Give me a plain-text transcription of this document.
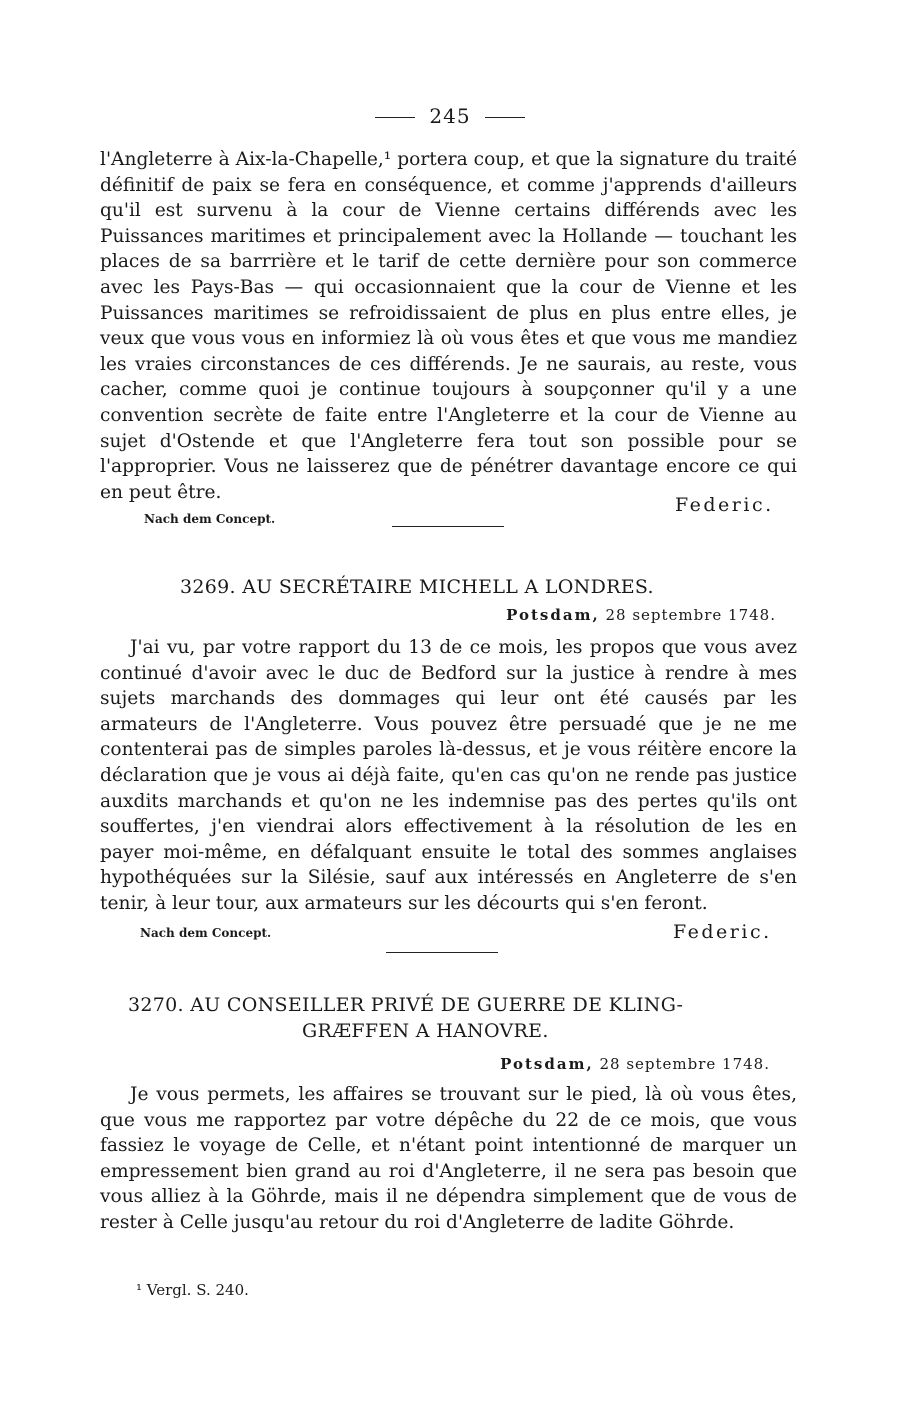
245
l'Angleterre à Aix-la-Chapelle,¹ portera coup, et que la signature du traité définitif de paix se fera en conséquence, et comme j'apprends d'ailleurs qu'il est survenu à la cour de Vienne certains différends avec les Puissances maritimes et principalement avec la Hollande — touchant les places de sa barrrière et le tarif de cette dernière pour son commerce avec les Pays-Bas — qui occasionnaient que la cour de Vienne et les Puissances maritimes se refroidissaient de plus en plus entre elles, je veux que vous vous en informiez là où vous êtes et que vous me mandiez les vraies circonstances de ces différends. Je ne saurais, au reste, vous cacher, comme quoi je continue toujours à soupçonner qu'il y a une convention secrète de faite entre l'Angleterre et la cour de Vienne au sujet d'Ostende et que l'Angleterre fera tout son possible pour se l'approprier. Vous ne laisserez que de pénétrer davantage encore ce qui en peut être.
Nach dem Concept.
Federic.
3269. AU SECRÉTAIRE MICHELL A LONDRES.
Potsdam, 28 septembre 1748.
J'ai vu, par votre rapport du 13 de ce mois, les propos que vous avez continué d'avoir avec le duc de Bedford sur la justice à rendre à mes sujets marchands des dommages qui leur ont été causés par les armateurs de l'Angleterre. Vous pouvez être persuadé que je ne me contenterai pas de simples paroles là-dessus, et je vous réitère encore la déclaration que je vous ai déjà faite, qu'en cas qu'on ne rende pas justice auxdits marchands et qu'on ne les indemnise pas des pertes qu'ils ont souffertes, j'en viendrai alors effectivement à la résolution de les en payer moi-même, en défalquant ensuite le total des sommes anglaises hypothéquées sur la Silésie, sauf aux intéressés en Angleterre de s'en tenir, à leur tour, aux armateurs sur les décourts qui s'en feront.
Nach dem Concept.	Federic.
3270. AU CONSEILLER PRIVÉ DE GUERRE DE KLING-
GRÆFFEN A HANOVRE.
Potsdam, 28 septembre 1748.
Je vous permets, les affaires se trouvant sur le pied, là où vous êtes, que vous me rapportez par votre dépêche du 22 de ce mois, que vous fassiez le voyage de Celle, et n'étant point intentionné de marquer un empressement bien grand au roi d'Angleterre, il ne sera pas besoin que vous alliez à la Göhrde, mais il ne dépendra simplement que de vous de rester à Celle jusqu'au retour du roi d'Angleterre de ladite Göhrde.
¹ Vergl. S. 240.
